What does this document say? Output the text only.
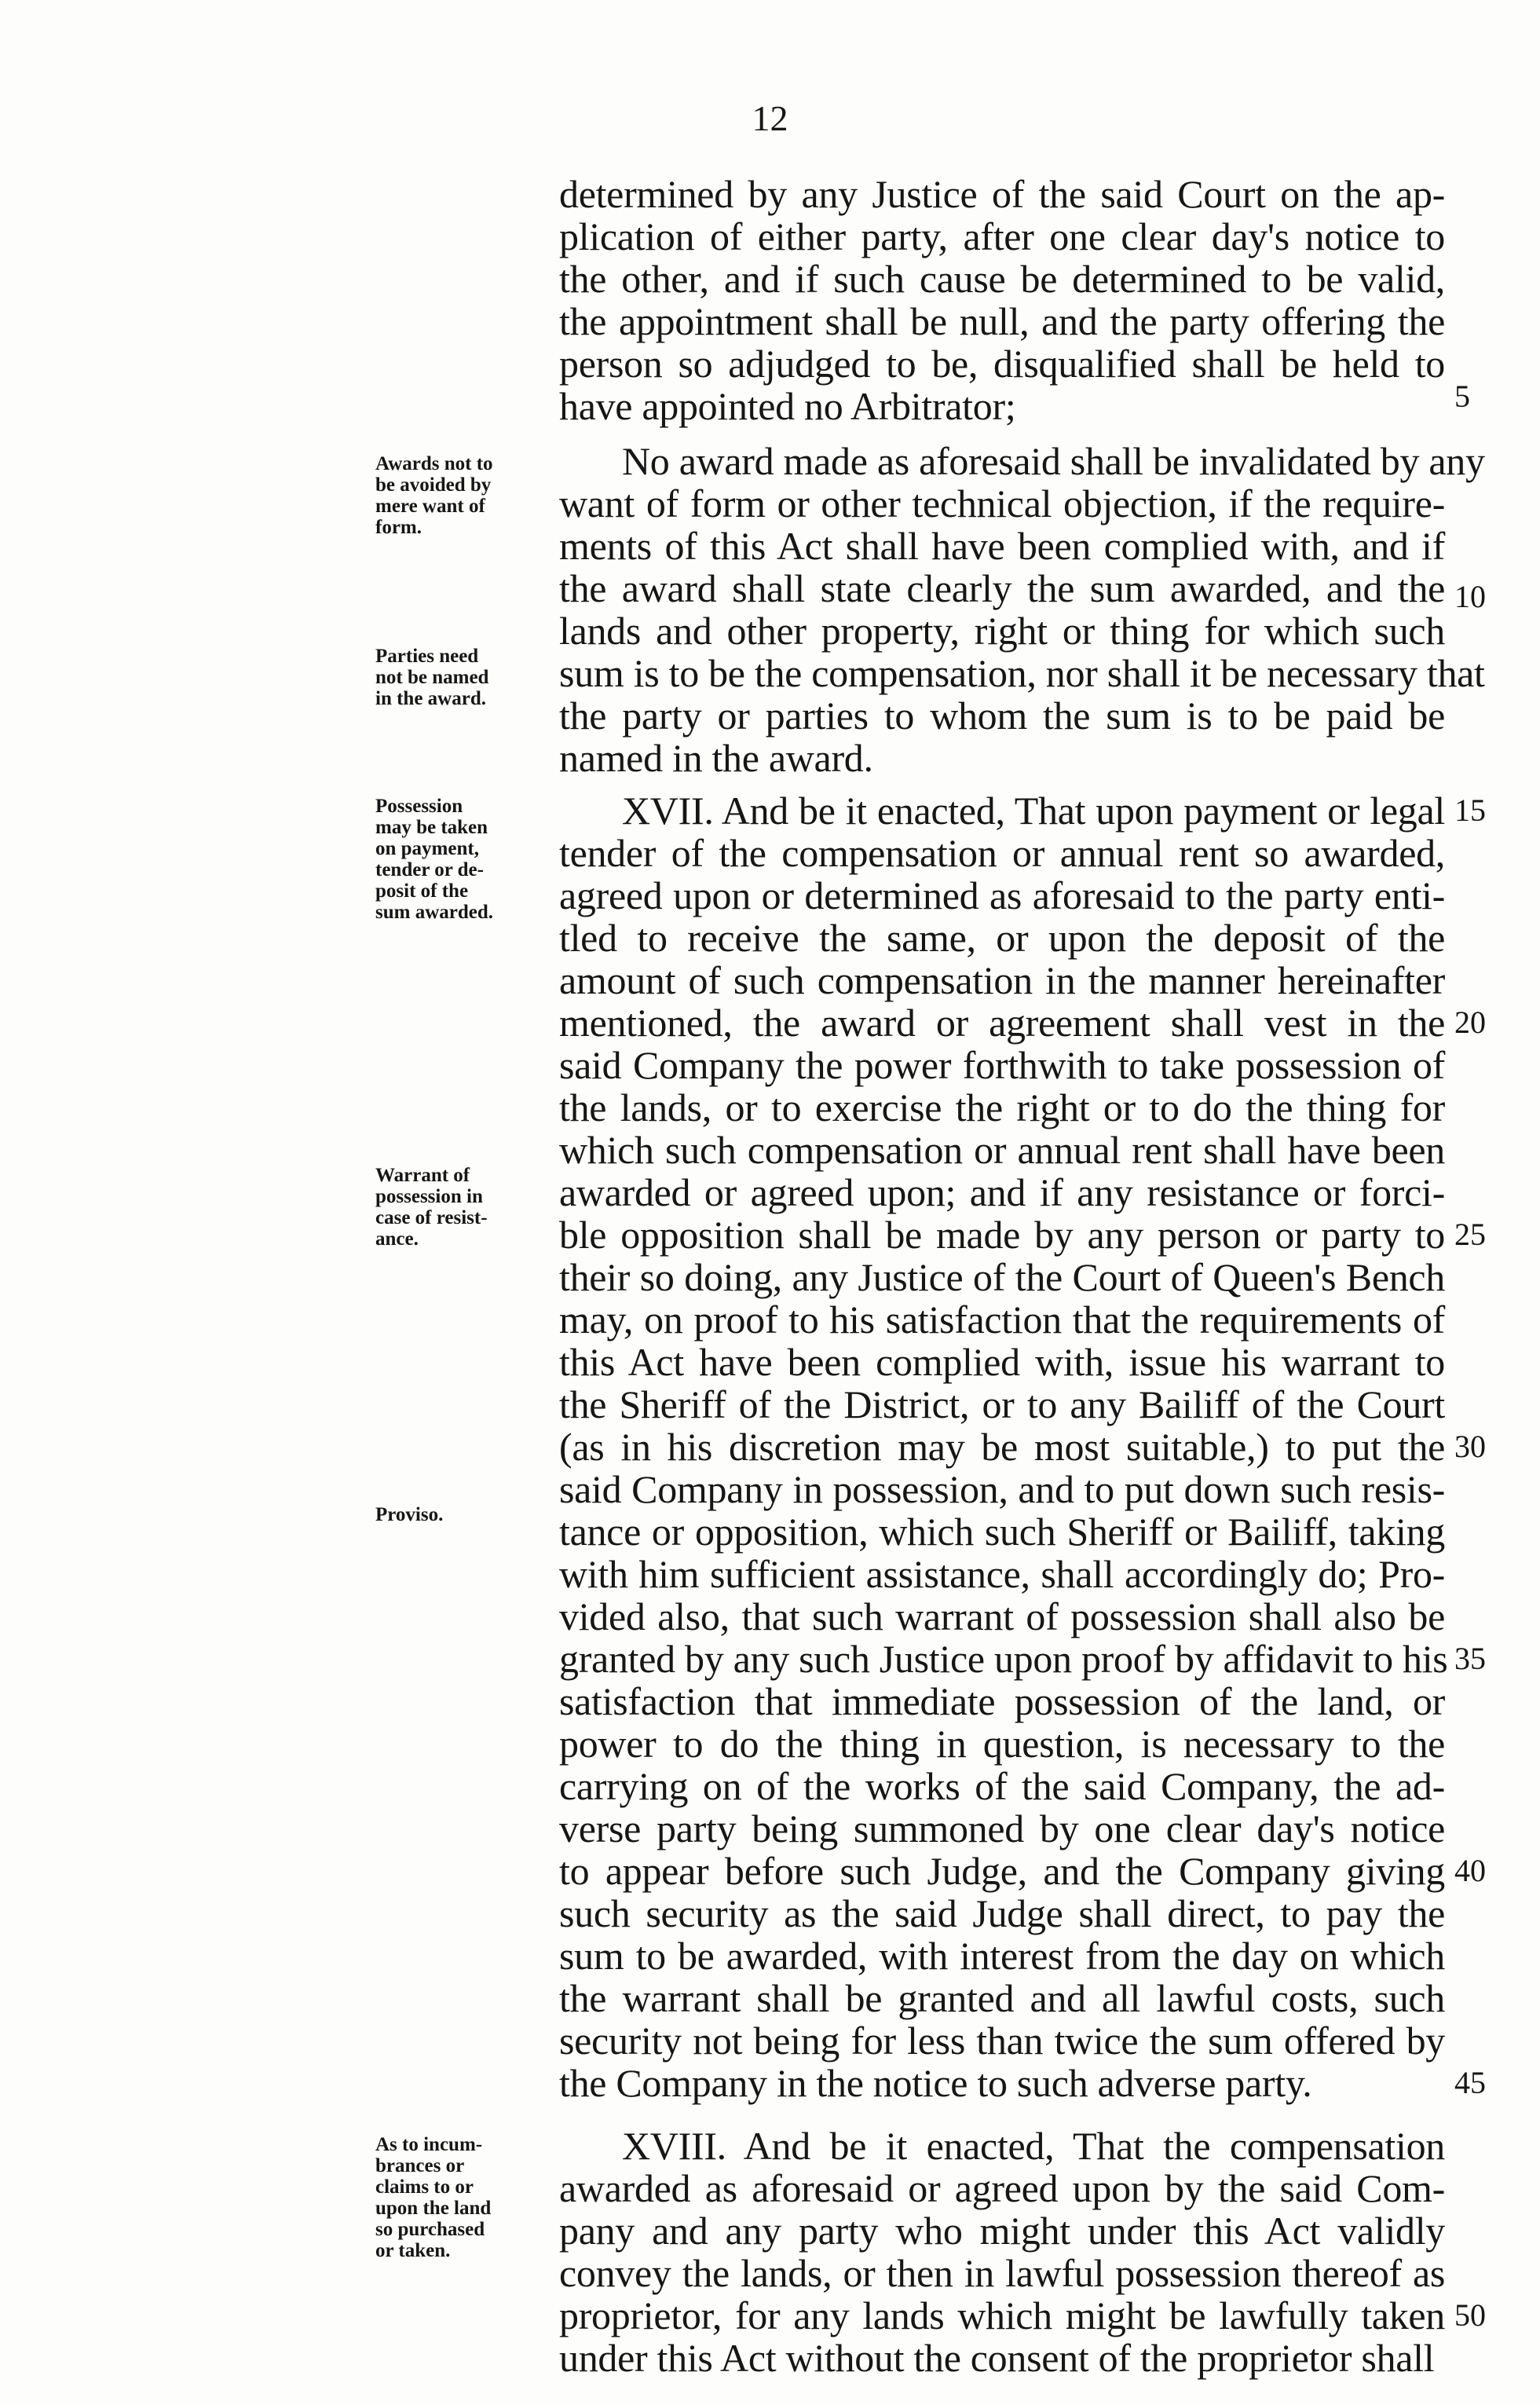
12
determined by any Justice of the said Court on the ap-
plication of either party, after one clear day's notice to
the other, and if such cause be determined to be valid,
the appointment shall be null, and the party offering the
person so adjudged to be, disqualified shall be held to
have appointed no Arbitrator;
No award made as aforesaid shall be invalidated by any
want of form or other technical objection, if the require-
ments of this Act shall have been complied with, and if
the award shall state clearly the sum awarded, and the
lands and other property, right or thing for which such
sum is to be the compensation, nor shall it be necessary that
the party or parties to whom the sum is to be paid be
named in the award.
XVII. And be it enacted, That upon payment or legal
tender of the compensation or annual rent so awarded,
agreed upon or determined as aforesaid to the party enti-
tled to receive the same, or upon the deposit of the
amount of such compensation in the manner hereinafter
mentioned, the award or agreement shall vest in the
said Company the power forthwith to take possession of
the lands, or to exercise the right or to do the thing for
which such compensation or annual rent shall have been
awarded or agreed upon; and if any resistance or forci-
ble opposition shall be made by any person or party to
their so doing, any Justice of the Court of Queen's Bench
may, on proof to his satisfaction that the requirements of
this Act have been complied with, issue his warrant to
the Sheriff of the District, or to any Bailiff of the Court
(as in his discretion may be most suitable,) to put the
said Company in possession, and to put down such resis-
tance or opposition, which such Sheriff or Bailiff, taking
with him sufficient assistance, shall accordingly do; Pro-
vided also, that such warrant of possession shall also be
granted by any such Justice upon proof by affidavit to his
satisfaction that immediate possession of the land, or
power to do the thing in question, is necessary to the
carrying on of the works of the said Company, the ad-
verse party being summoned by one clear day's notice
to appear before such Judge, and the Company giving
such security as the said Judge shall direct, to pay the
sum to be awarded, with interest from the day on which
the warrant shall be granted and all lawful costs, such
security not being for less than twice the sum offered by
the Company in the notice to such adverse party.
XVIII. And be it enacted, That the compensation
awarded as aforesaid or agreed upon by the said Com-
pany and any party who might under this Act validly
convey the lands, or then in lawful possession thereof as
proprietor, for any lands which might be lawfully taken
under this Act without the consent of the proprietor shall
5
10
15
20
25
30
35
40
45
50
Awards not to
be avoided by
mere want of
form.
Parties need
not be named
in the award.
Possession
may be taken
on payment,
tender or de-
posit of the
sum awarded.
Warrant of
possession in
case of resist-
ance.
Proviso.
As to incum-
brances or
claims to or
upon the land
so purchased
or taken.
